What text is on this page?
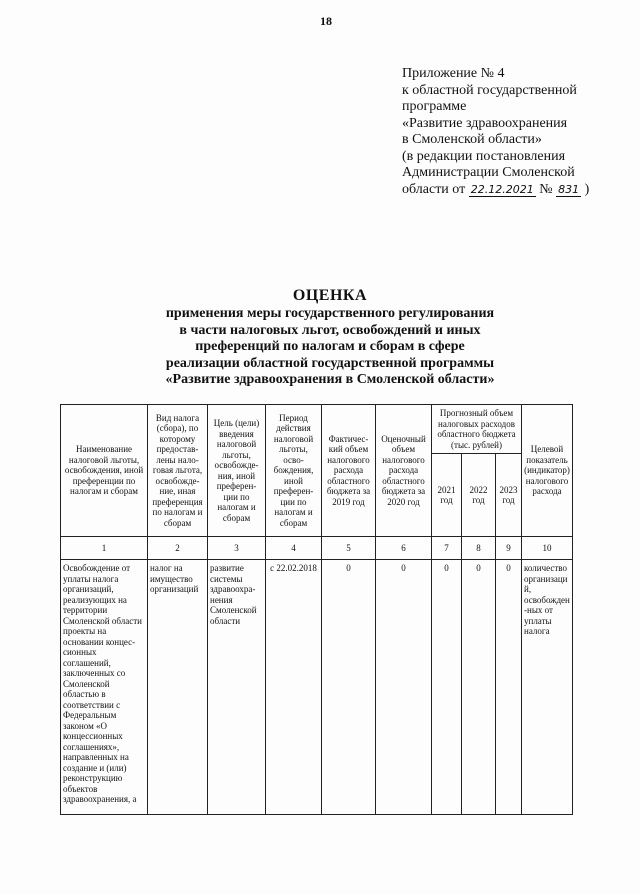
18
Приложение № 4
к областной государственной
программе
«Развитие здравоохранения
в Смоленской области»
(в редакции постановления
Администрации Смоленской
области от 22.12.2021 № 831 )
ОЦЕНКА
применения меры государственного регулирования
в части налоговых льгот, освобождений и иных
преференций по налогам и сборам в сфере
реализации областной государственной программы
«Развитие здравоохранения в Смоленской области»
Наименование налоговой льготы, освобождения, иной преференции по налогам и сборам	Вид налога (сбора), по которому предостав-лены нало-говая льгота, освобожде-ние, иная преференция по налогам и сборам	Цель (цели) введения налоговой льготы, освобожде-ния, иной преферен-ции по налогам и сборам	Период действия налоговой льготы, осво-бождения, иной преферен-ции по налогам и сборам	Фактичес-кий объем налогового расхода областного бюджета за 2019 год	Оценочный объем налогового расхода областного бюджета за 2020 год	Прогнозный объем налоговых расходов областного бюджета (тыс. рублей)			Целевой показатель (индикатор) налогового расхода
						2021 год	2022 год	2023 год	
1	2	3	4	5	6	7	8	9	10
Освобождение от уплаты налога организаций, реализующих на территории Смоленской области проекты на основании концес-сионных соглашений, заключенных со Смоленской областью в соответствии с Федеральным законом «О концессионных соглашениях», направленных на создание и (или) реконструкцию объектов здравоохранения, а	налог на имущество организаций	развитие системы здравоохра-нения Смоленской области	с 22.02.2018	0	0	0	0	0	количество организаций, освобожден-ных от уплаты налога
